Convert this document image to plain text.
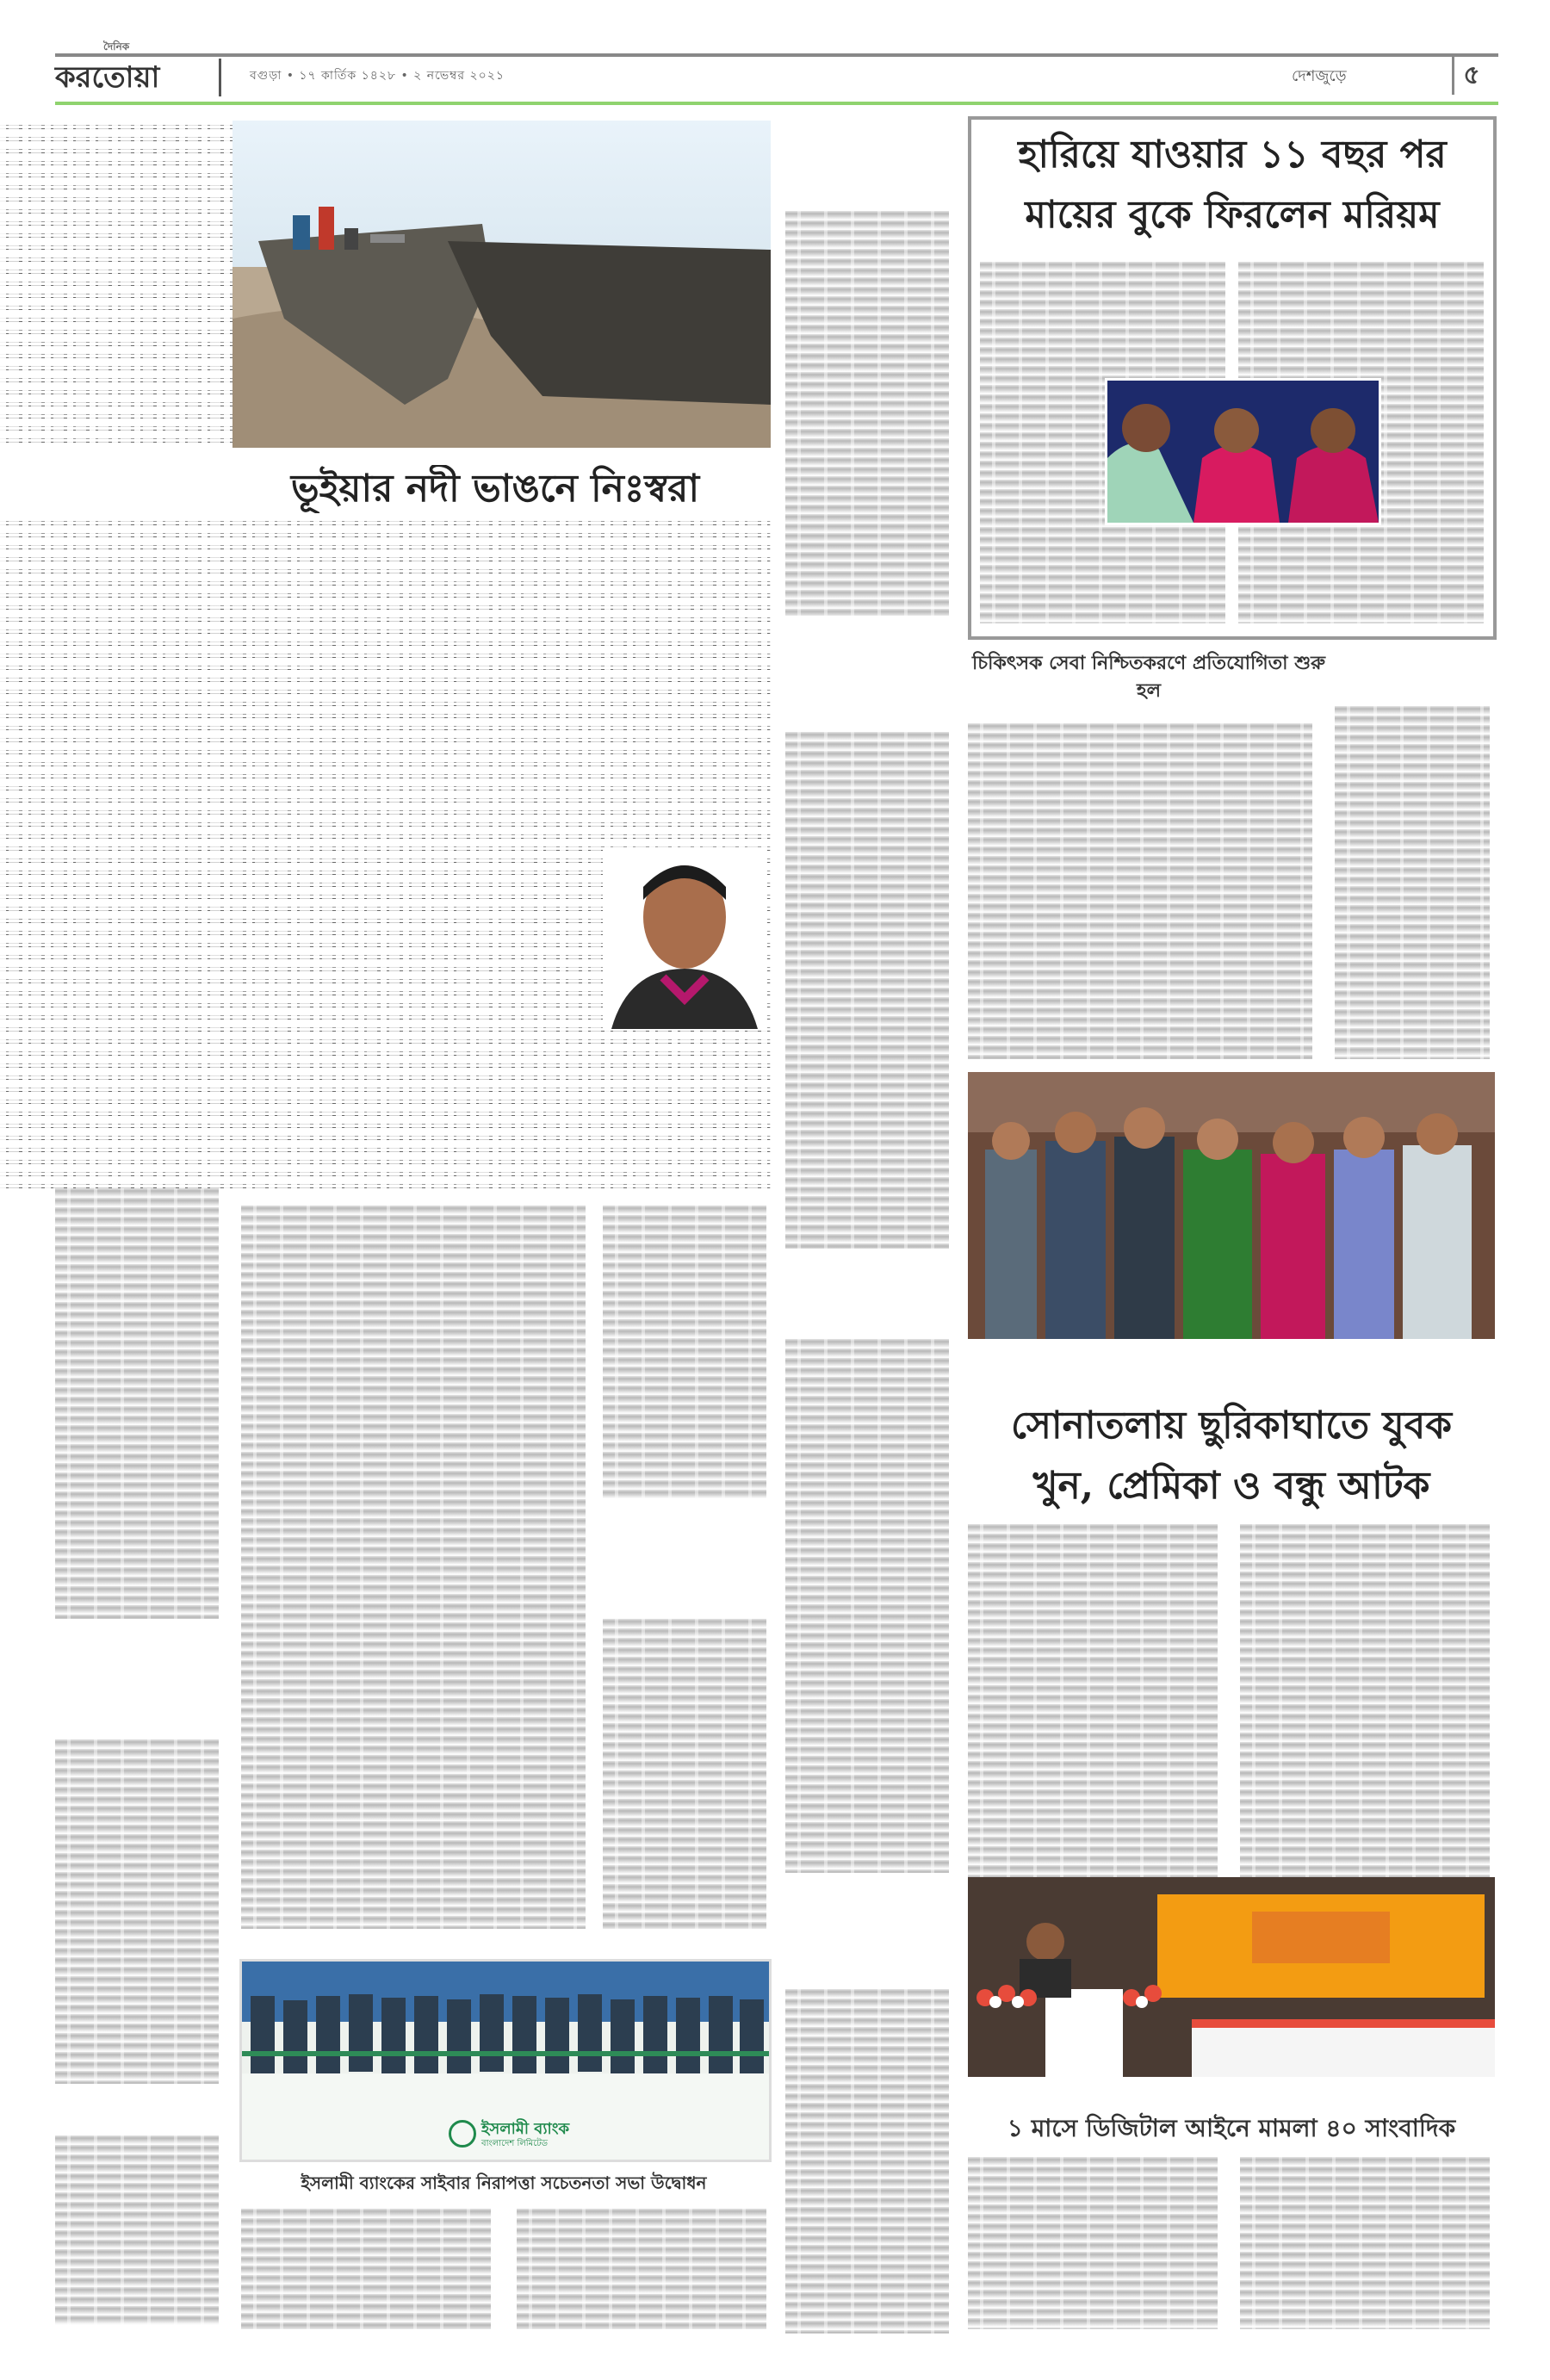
দৈনিক
করতোয়া	বগুড়া • ১৭ কার্তিক ১৪২৮ • ২ নভেম্বর ২০২১	দেশজুড়ে	৫
ভূইয়ার নদী ভাঙনে নিঃস্বরা
ইসলামী ব্যাংক
বাংলাদেশ লিমিটেড
ইসলামী ব্যাংকের সাইবার নিরাপত্তা সচেতনতা সভা উদ্বোধন
হারিয়ে যাওয়ার ১১ বছর পর
মায়ের বুকে ফিরলেন মরিয়ম
চিকিৎসক সেবা নিশ্চিতকরণে প্রতিযোগিতা শুরু হল
সোনাতলায় ছুরিকাঘাতে যুবক
খুন, প্রেমিকা ও বন্ধু আটক
১ মাসে ডিজিটাল আইনে মামলা ৪০ সাংবাদিক
